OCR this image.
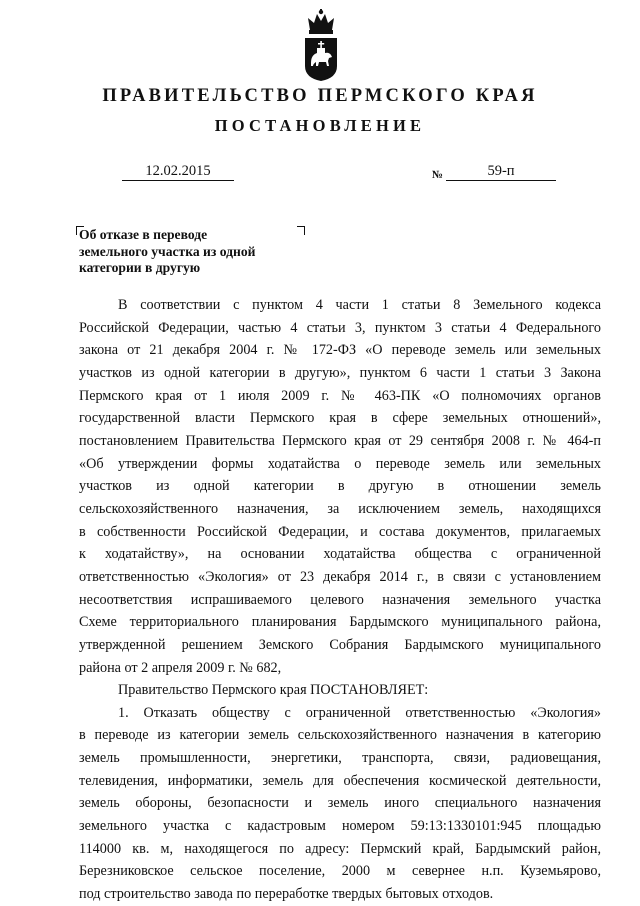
ПРАВИТЕЛЬСТВО ПЕРМСКОГО КРАЯ
ПОСТАНОВЛЕНИЕ
12.02.2015	№	59-п
Об отказе в переводе
земельного участка из одной
категории в другую
В соответствии с пунктом 4 части 1 статьи 8 Земельного кодекса
Российской Федерации, частью 4 статьи 3, пунктом 3 статьи 4 Федерального
закона от 21 декабря 2004 г. № 172-ФЗ «О переводе земель или земельных
участков из одной категории в другую», пунктом 6 части 1 статьи 3 Закона
Пермского края от 1 июля 2009 г. № 463-ПК «О полномочиях органов
государственной власти Пермского края в сфере земельных отношений»,
постановлением Правительства Пермского края от 29 сентября 2008 г. № 464-п
«Об утверждении формы ходатайства о переводе земель или земельных
участков из одной категории в другую в отношении земель
сельскохозяйственного назначения, за исключением земель, находящихся
в собственности Российской Федерации, и состава документов, прилагаемых
к ходатайству», на основании ходатайства общества с ограниченной
ответственностью «Экология» от 23 декабря 2014 г., в связи с установлением
несоответствия испрашиваемого целевого назначения земельного участка
Схеме территориального планирования Бардымского муниципального района,
утвержденной решением Земского Собрания Бардымского муниципального
района от 2 апреля 2009 г. № 682,
Правительство Пермского края ПОСТАНОВЛЯЕТ:
1. Отказать обществу с ограниченной ответственностью «Экология»
в переводе из категории земель сельскохозяйственного назначения в категорию
земель промышленности, энергетики, транспорта, связи, радиовещания,
телевидения, информатики, земель для обеспечения космической деятельности,
земель обороны, безопасности и земель иного специального назначения
земельного участка с кадастровым номером 59:13:1330101:945 площадью
114000 кв. м, находящегося по адресу: Пермский край, Бардымский район,
Березниковское сельское поселение, 2000 м севернее н.п. Куземьярово,
под строительство завода по переработке твердых бытовых отходов.
